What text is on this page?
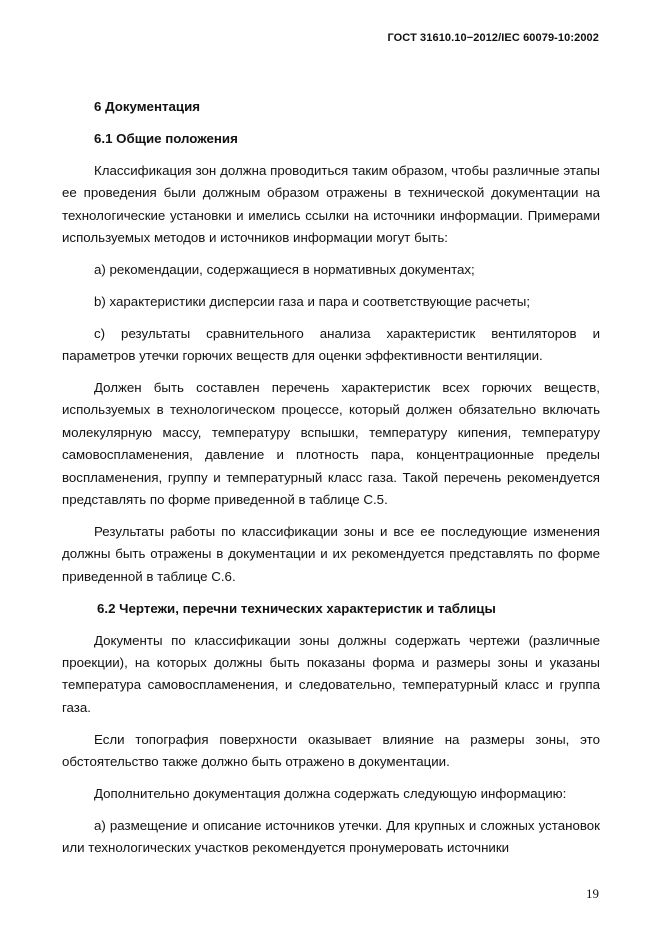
ГОСТ 31610.10−2012/IEC 60079-10:2002
6 Документация
6.1 Общие положения

Классификация зон должна проводиться таким образом, чтобы различные этапы ее проведения были должным образом отражены в технической документации на технологические установки и имелись ссылки на источники информации. Примерами используемых методов и источников информации могут быть:

a) рекомендации, содержащиеся в нормативных документах;

b) характеристики дисперсии газа и пара и соответствующие расчеты;

c) результаты сравнительного анализа характеристик вентиляторов и параметров утечки горючих веществ для оценки эффективности вентиляции.

Должен быть составлен перечень характеристик всех горючих веществ, используемых в технологическом процессе, который должен обязательно включать молекулярную массу, температуру вспышки, температуру кипения, температуру самовоспламенения, давление и плотность пара, концентрационные пределы воспламенения, группу и температурный класс газа. Такой перечень рекомендуется представлять по форме приведенной в таблице С.5.

Результаты работы по классификации зоны и все ее последующие изменения должны быть отражены в документации и их рекомендуется представлять по форме приведенной в таблице С.6.

6.2 Чертежи, перечни технических характеристик и таблицы

Документы по классификации зоны должны содержать чертежи (различные проекции), на которых должны быть показаны форма и размеры зоны и указаны температура самовоспламенения, и следовательно, температурный класс и группа газа.

Если топография поверхности оказывает влияние на размеры зоны, это обстоятельство также должно быть отражено в документации.

Дополнительно документация должна содержать следующую информацию:

а) размещение и описание источников утечки. Для крупных и сложных установок или технологических участков рекомендуется пронумеровать источники

19
